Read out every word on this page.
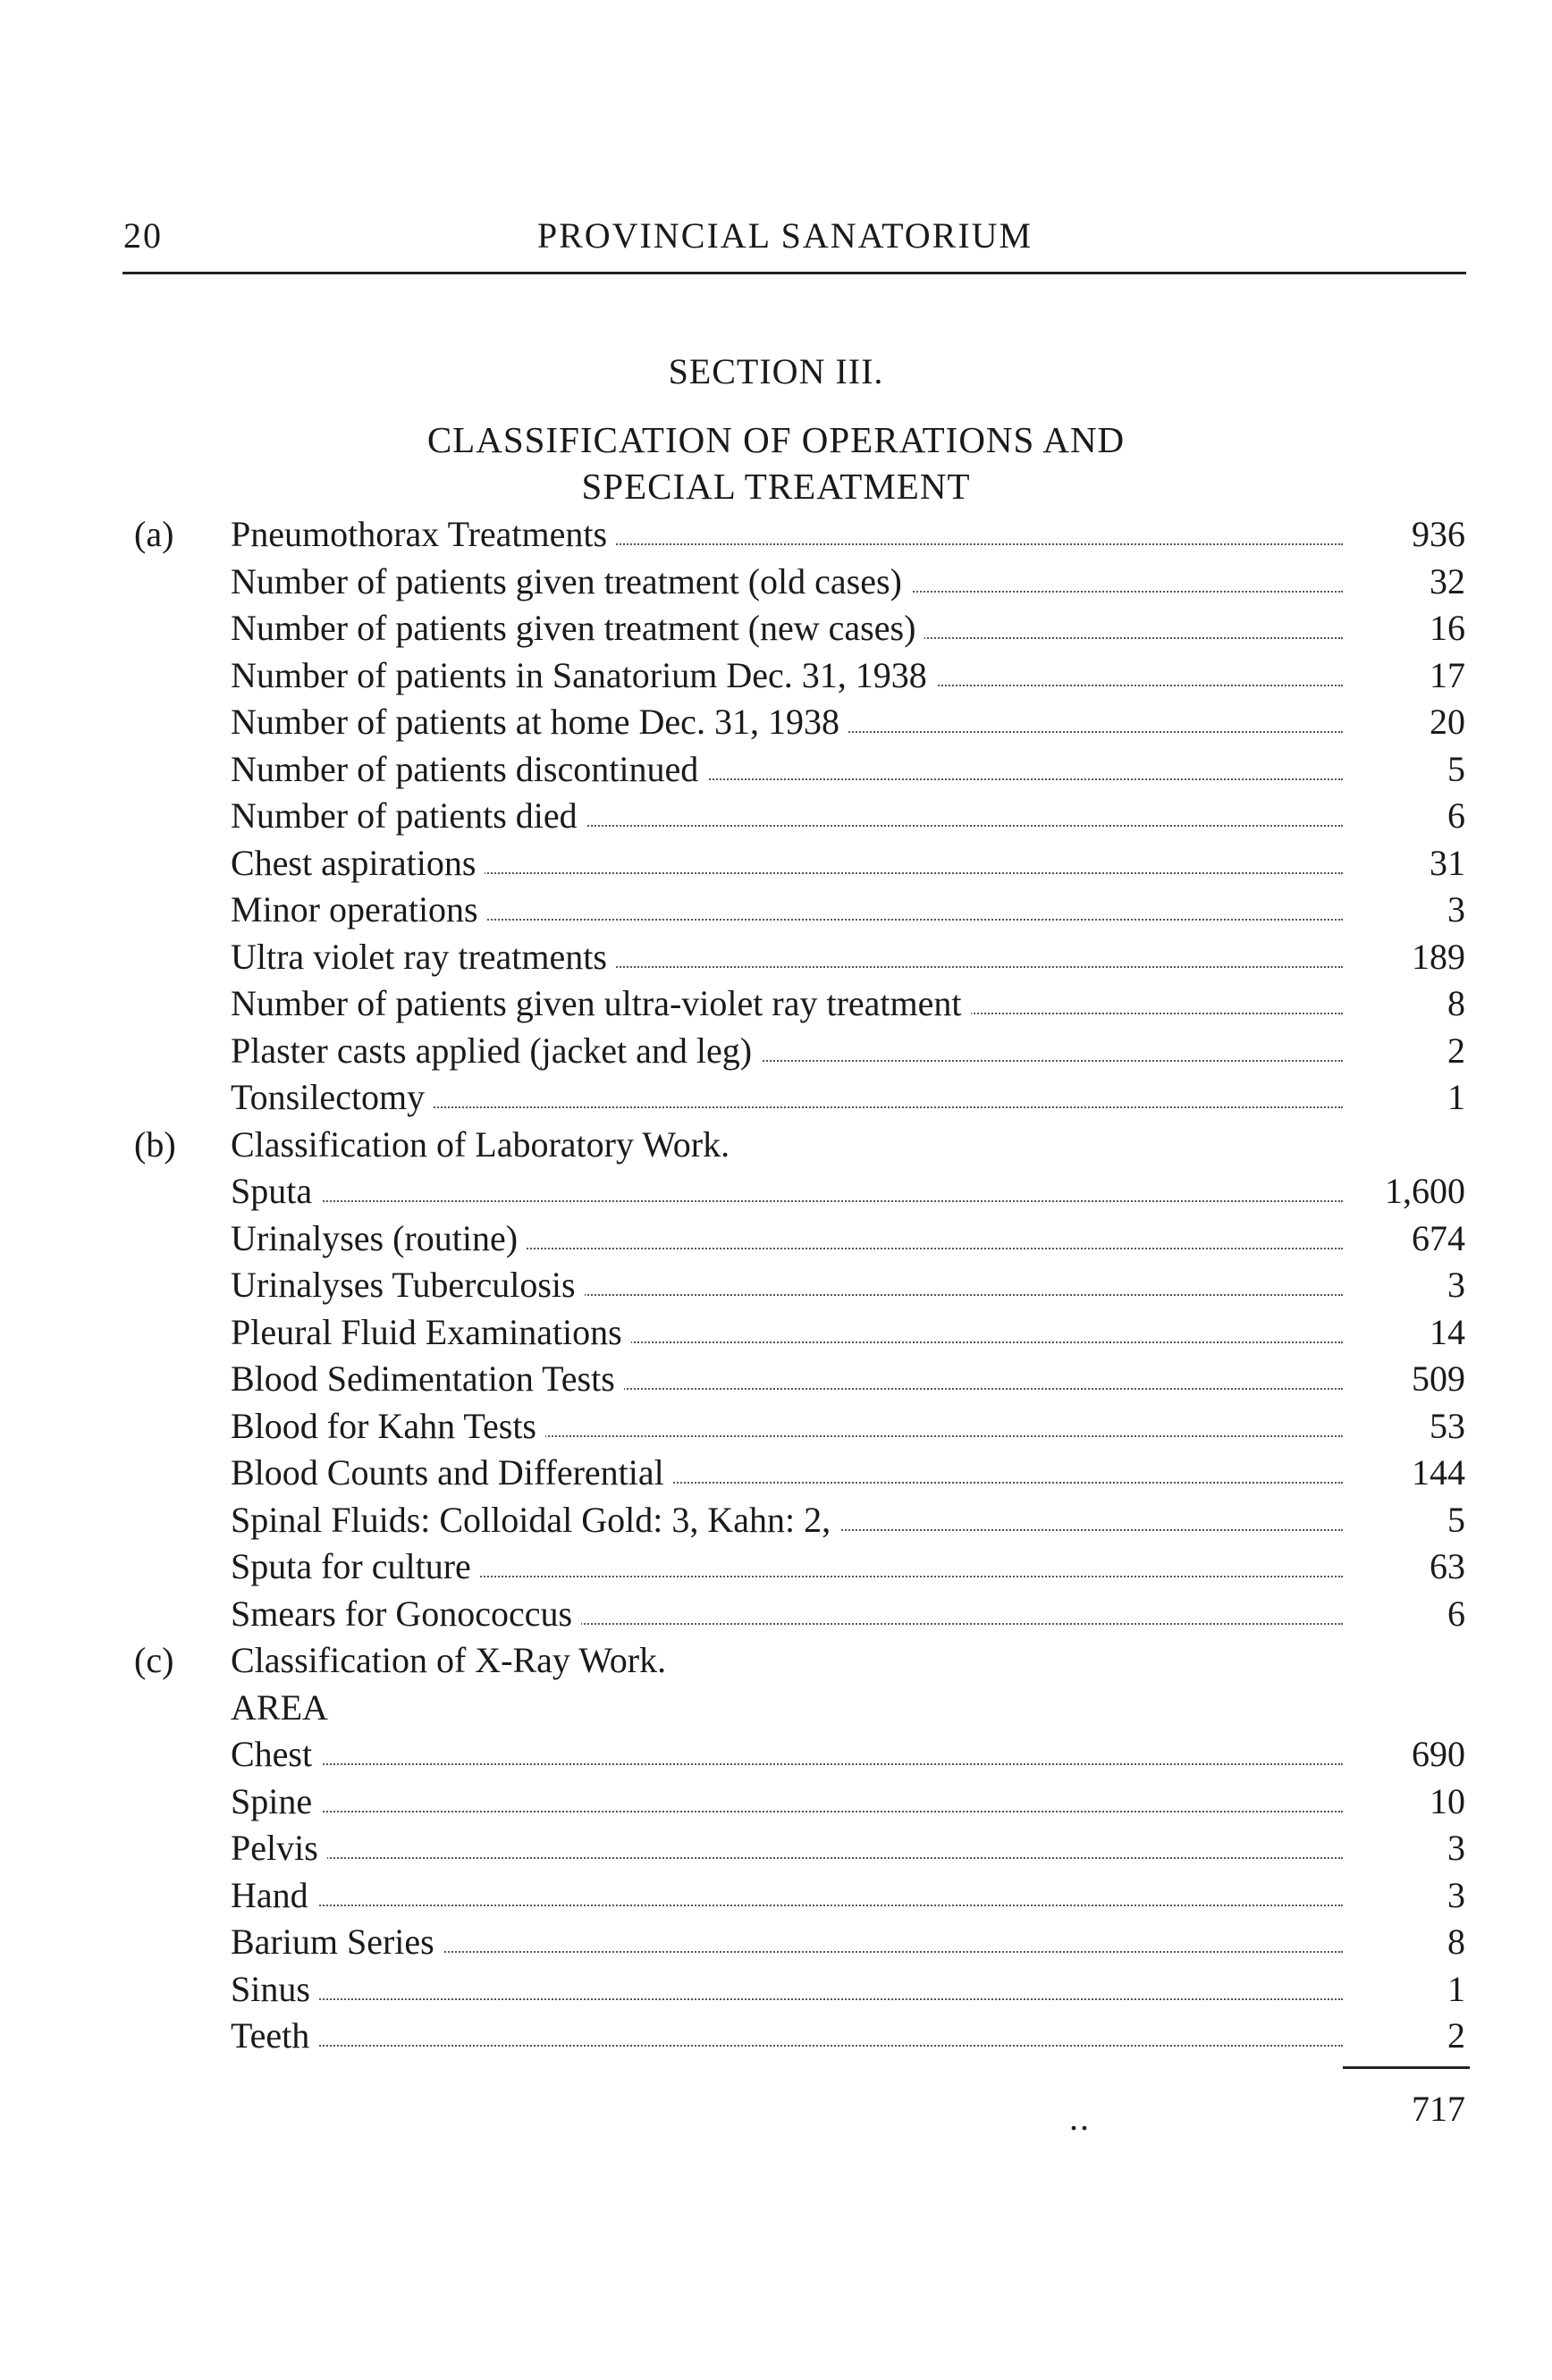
20	PROVINCIAL SANATORIUM
SECTION III.
CLASSIFICATION OF OPERATIONS AND
SPECIAL TREATMENT
(a) Pneumothorax Treatments	936
Number of patients given treatment (old cases)	32
Number of patients given treatment (new cases)	16
Number of patients in Sanatorium Dec. 31, 1938	17
Number of patients at home Dec. 31, 1938	20
Number of patients discontinued	5
Number of patients died	6
Chest aspirations	31
Minor operations	3
Ultra violet ray treatments	189
Number of patients given ultra-violet ray treatment	8
Plaster casts applied (jacket and leg)	2
Tonsilectomy	1
(b) Classification of Laboratory Work.
Sputa	1,600
Urinalyses (routine)	674
Urinalyses Tuberculosis	3
Pleural Fluid Examinations	14
Blood Sedimentation Tests	509
Blood for Kahn Tests	53
Blood Counts and Differential	144
Spinal Fluids: Colloidal Gold: 3, Kahn: 2,	5
Sputa for culture	63
Smears for Gonococcus	6
(c) Classification of X-Ray Work.
AREA
Chest	690
Spine	10
Pelvis	3
Hand	3
Barium Series	8
Sinus	1
Teeth	2
..	717
